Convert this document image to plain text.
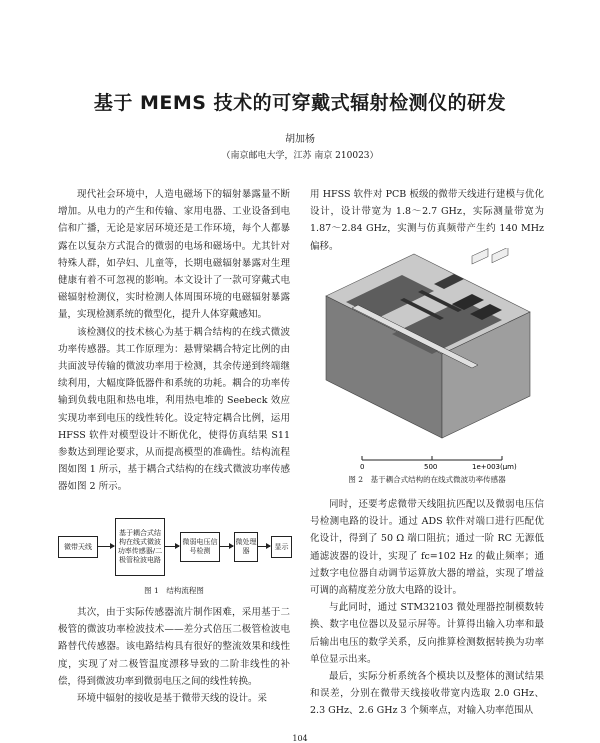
基于 MEMS 技术的可穿戴式辐射检测仪的研发
胡加杨
（南京邮电大学，江苏 南京 210023）

现代社会环境中，人造电磁场下的辐射暴露量不断增加。从电力的产生和传输、家用电器、工业设备到电信和广播，无论是家居环境还是工作环境，每个人都暴露在以复杂方式混合的微弱的电场和磁场中。尤其针对特殊人群，如孕妇、儿童等，长期电磁辐射暴露对生理健康有着不可忽视的影响。本文设计了一款可穿戴式电磁辐射检测仪，实时检测人体周围环境的电磁辐射暴露量，实现检测系统的微型化，提升人体穿戴感知。

该检测仪的技术核心为基于耦合结构的在线式微波功率传感器。其工作原理为：悬臂梁耦合特定比例的由共面波导传输的微波功率用于检测，其余传递到终端继续利用，大幅度降低器件和系统的功耗。耦合的功率传输到负载电阻和热电堆，利用热电堆的 Seebeck 效应实现功率到电压的线性转化。设定特定耦合比例，运用 HFSS 软件对模型设计不断优化，使得仿真结果 S11 参数达到理论要求，从而提高模型的准确性。结构流程图如图 1 所示，基于耦合式结构的在线式微波功率传感器如图 2 所示。

微带天线
基于耦合式结构在线式微波功率传感器/二极管检波电路
微弱电压信号检测
微处理器
显示
图 1　结构流程图

其次，由于实际传感器流片制作困难，采用基于二极管的微波功率检波技术——差分式倍压二极管检波电路替代传感器。该电路结构具有很好的整流效果和线性度，实现了对二极管温度漂移导致的二阶非线性的补偿，得到微波功率到微弱电压之间的线性转换。

环境中辐射的接收是基于微带天线的设计。采

用 HFSS 软件对 PCB 板级的微带天线进行建模与优化设计，设计带宽为 1.8～2.7 GHz，实际测量带宽为 1.87～2.84 GHz，实测与仿真频带产生约 140 MHz 偏移。

0	500	1e+003(μm)
图 2　基于耦合式结构的在线式微波功率传感器

同时，还要考虑微带天线阻抗匹配以及微弱电压信号检测电路的设计。通过 ADS 软件对端口进行匹配优化设计，得到了 50 Ω 端口阻抗；通过一阶 RC 无源低通滤波器的设计，实现了 fc=102 Hz 的截止频率；通过数字电位器自动调节运算放大器的增益，实现了增益可调的高精度差分放大电路的设计。

与此同时，通过 STM32103 微处理器控制模数转换、数字电位器以及显示屏等。计算得出输入功率和最后输出电压的数学关系，反向推算检测数据转换为功率单位显示出来。

最后，实际分析系统各个模块以及整体的测试结果和误差，分别在微带天线接收带宽内选取 2.0 GHz、2.3 GHz、2.6 GHz 3 个频率点，对输入功率范围从

104
